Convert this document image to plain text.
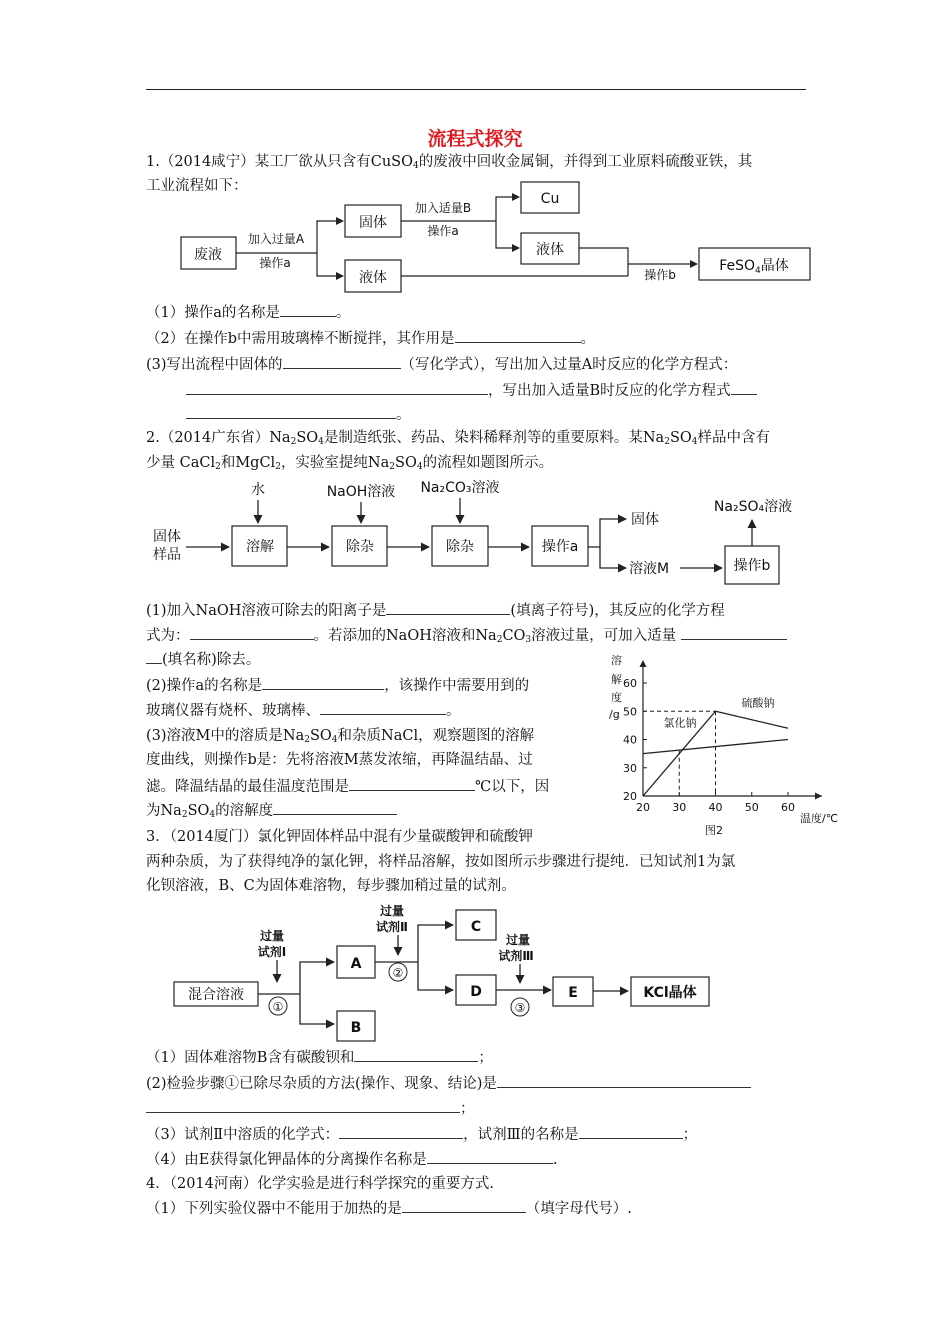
流程式探究
1.（2014咸宁）某工厂欲从只含有CuSO$_4$的废液中回收金属铜，并得到工业原料硫酸亚铁，其
工业流程如下：
废液
加入过量A
操作a
固体
液体
加入适量B
操作a
Cu
液体
操作b
FeSO$_4$晶体
（1）操作a的名称是	。
（2）在操作b中需用玻璃棒不断搅拌，其作用是	。
(3)写出流程中固体的	（写化学式），写出加入过量A时反应的化学方程式：
，写出加入适量B时反应的化学方程式
。
2.（2014广东省）$Na_2SO_4$是制造纸张、药品、染料稀释剂等的重要原料。某$Na_2SO_4$样品中含有
少量 CaCl$_2$和MgCl$_2$，实验室提纯$Na_2SO_4$的流程如题图所示。
水	NaOH溶液 Na₂CO₃溶液
固体
样品	溶解	除杂	除杂	操作a
固体
溶液M	操作b
Na₂SO₄溶液
(1)加入NaOH溶液可除去的阳离子是	(填离子符号)，其反应的化学方程
式为：	。若添加的NaOH溶液和$Na_2CO_3$溶液过量，可加入适量
(填名称)除去。
(2)操作a的名称是	，该操作中需要用到的
玻璃仪器有烧杯、玻璃棒、	。
(3)溶液M中的溶质是$Na_2SO_4$和杂质NaCl，观察题图的溶解
度曲线，则操作b是：先将溶液M蒸发浓缩，再降温结晶、过
滤。降温结晶的最佳温度范围是	℃以下，因
为$Na_2SO_4$的溶解度
溶
解
度
/g
20 30 40 50 60
20
30
40
50
60
硫酸钠
氯化钠
温度/℃
图2
3．（2014厦门）氯化钾固体样品中混有少量碳酸钾和硫酸钾
两种杂质，为了获得纯净的氯化钾，将样品溶解，按如图所示步骤进行提纯．已知试剂1为氯
化钡溶液，B、C为固体难溶物，每步骤加稍过量的试剂。
混合溶液
过量
试剂Ⅰ
①
A
B
过量
试剂Ⅱ
②
C
D
过量
试剂Ⅲ
③
E	KCl晶体
（1）固体难溶物B含有碳酸钡和	；
(2)检验步骤①已除尽杂质的方法(操作、现象、结论)是
；
（3）试剂Ⅱ中溶质的化学式：	，试剂Ⅲ的名称是	；
（4）由E获得氯化钾晶体的分离操作名称是	.
4．（2014河南）化学实验是进行科学探究的重要方式.
（1）下列实验仪器中不能用于加热的是	（填字母代号）.
